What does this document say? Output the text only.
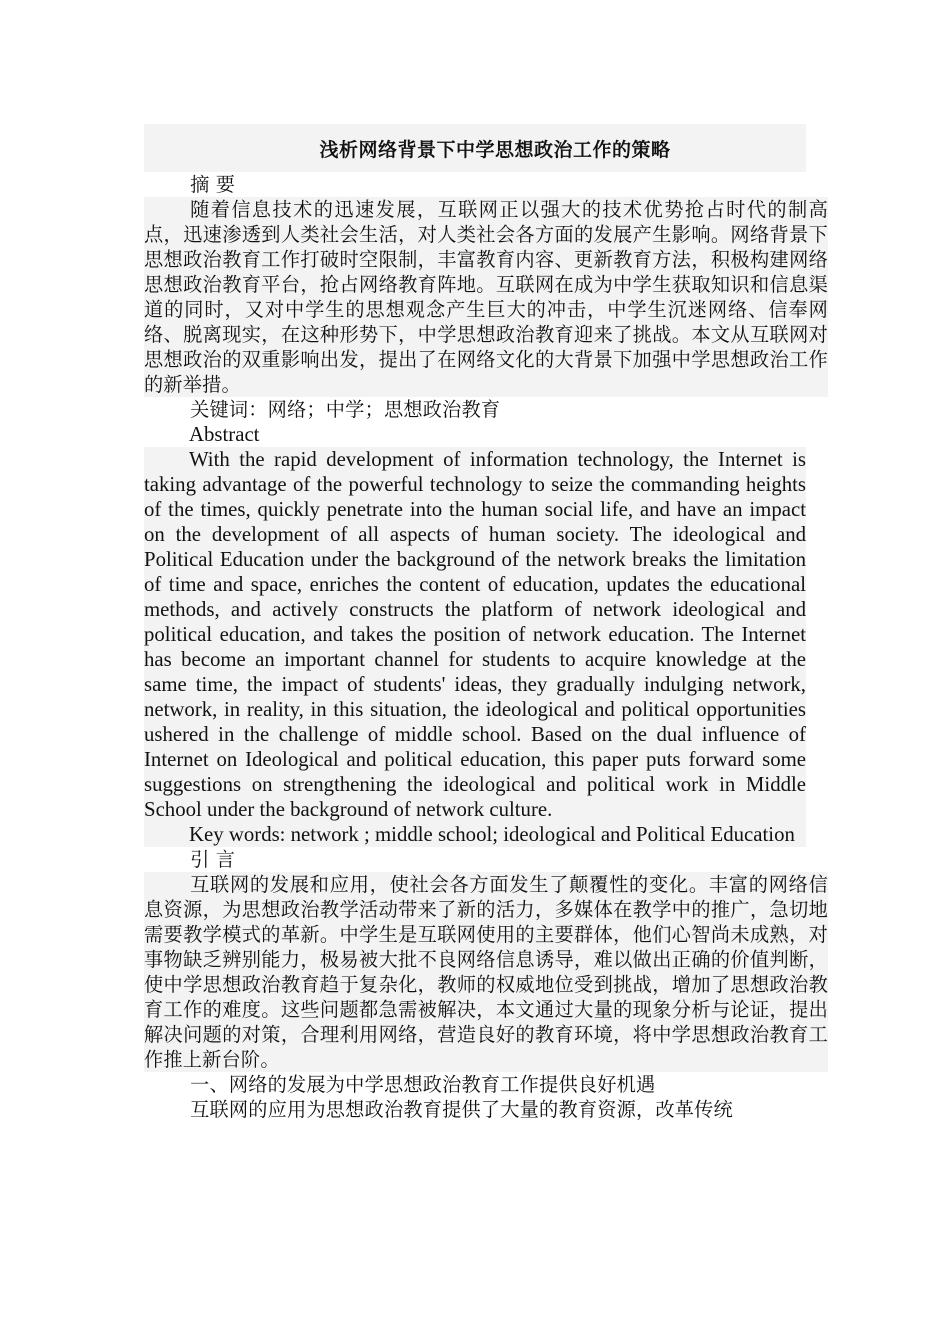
浅析网络背景下中学思想政治工作的策略

摘 要

随着信息技术的迅速发展，互联网正以强大的技术优势抢占时代的制高点，迅速渗透到人类社会生活，对人类社会各方面的发展产生影响。网络背景下思想政治教育工作打破时空限制，丰富教育内容、更新教育方法，积极构建网络思想政治教育平台，抢占网络教育阵地。互联网在成为中学生获取知识和信息渠道的同时，又对中学生的思想观念产生巨大的冲击，中学生沉迷网络、信奉网络、脱离现实，在这种形势下，中学思想政治教育迎来了挑战。本文从互联网对思想政治的双重影响出发，提出了在网络文化的大背景下加强中学思想政治工作的新举措。

关键词：网络；中学；思想政治教育

Abstract

With the rapid development of information technology, the Internet is taking advantage of the powerful technology to seize the commanding heights of the times, quickly penetrate into the human social life, and have an impact on the development of all aspects of human society. The ideological and Political Education under the background of the network breaks the limitation of time and space, enriches the content of education, updates the educational methods, and actively constructs the platform of network ideological and political education, and takes the position of network education. The Internet has become an important channel for students to acquire knowledge at the same time, the impact of students' ideas, they gradually indulging network, network, in reality, in this situation, the ideological and political opportunities ushered in the challenge of middle school. Based on the dual influence of Internet on Ideological and political education, this paper puts forward some suggestions on strengthening the ideological and political work in Middle School under the background of network culture.

Key words: network ; middle school; ideological and Political Education

引 言

互联网的发展和应用，使社会各方面发生了颠覆性的变化。丰富的网络信息资源，为思想政治教学活动带来了新的活力，多媒体在教学中的推广，急切地需要教学模式的革新。中学生是互联网使用的主要群体，他们心智尚未成熟，对事物缺乏辨别能力，极易被大批不良网络信息诱导，难以做出正确的价值判断，使中学思想政治教育趋于复杂化，教师的权威地位受到挑战，增加了思想政治教育工作的难度。这些问题都急需被解决，本文通过大量的现象分析与论证，提出解决问题的对策，合理利用网络，营造良好的教育环境，将中学思想政治教育工作推上新台阶。

一、网络的发展为中学思想政治教育工作提供良好机遇

互联网的应用为思想政治教育提供了大量的教育资源，改革传统
